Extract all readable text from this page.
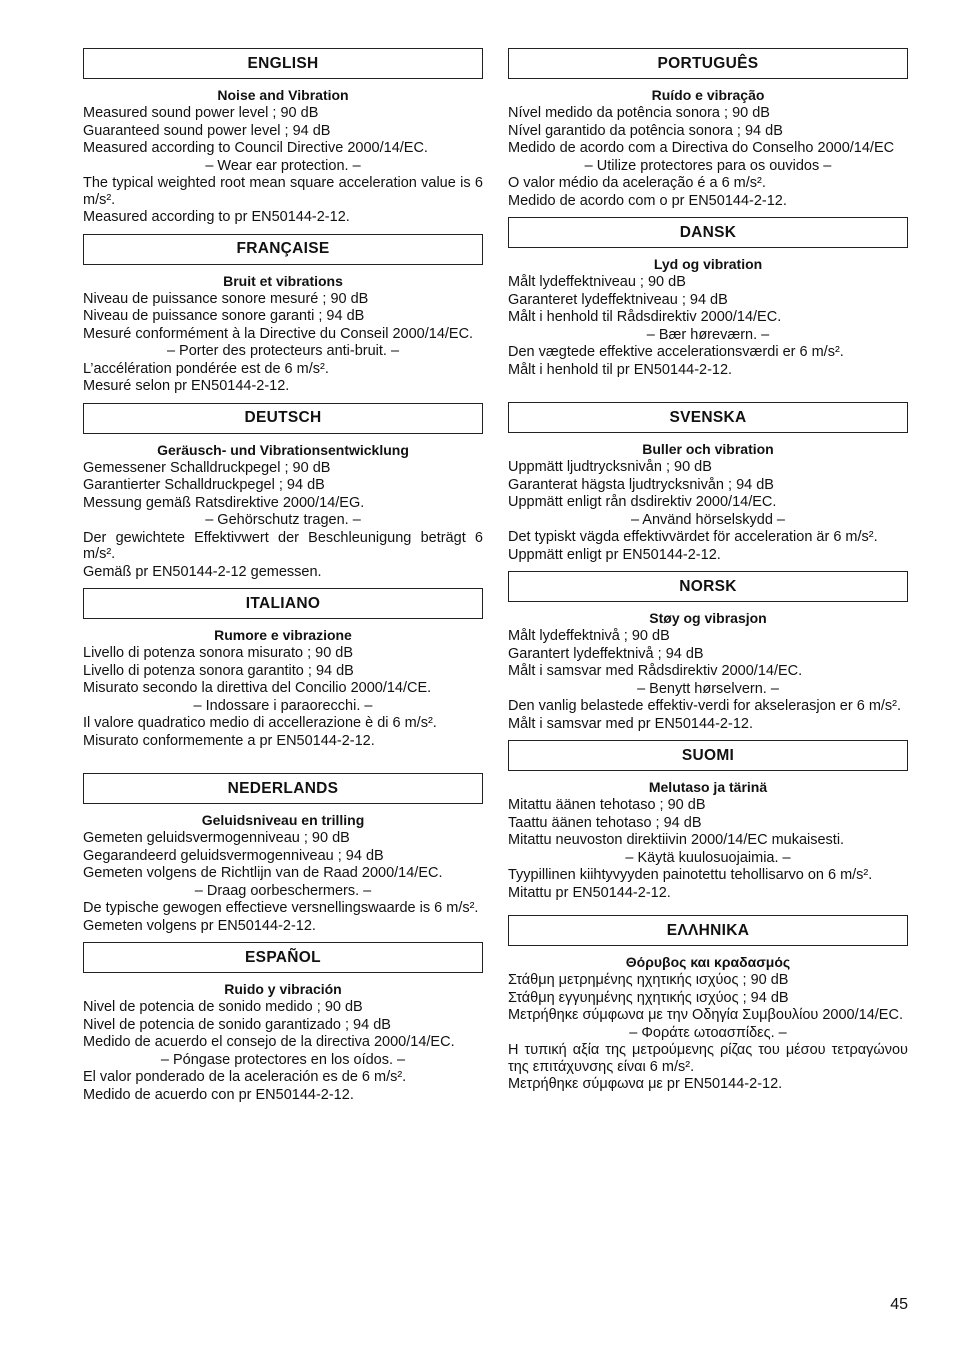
ENGLISH
Noise and Vibration
Measured sound power level ; 90 dB
Guaranteed sound power level ; 94 dB
Measured according to Council Directive 2000/14/EC.
– Wear ear protection. –
The typical weighted root mean square acceleration value is 6 m/s².
Measured according to pr EN50144-2-12.
FRANÇAISE
Bruit et vibrations
Niveau de puissance sonore mesuré ; 90 dB
Niveau de puissance sonore garanti ; 94 dB
Mesuré conformément à la Directive du Conseil 2000/14/EC.
– Porter des protecteurs anti-bruit. –
L’accélération pondérée est de 6 m/s².
Mesuré selon pr EN50144-2-12.
DEUTSCH
Geräusch- und Vibrationsentwicklung
Gemessener Schalldruckpegel ; 90 dB
Garantierter Schalldruckpegel ; 94 dB
Messung gemäß Ratsdirektive 2000/14/EG.
– Gehörschutz tragen. –
Der gewichtete Effektivwert der Beschleunigung beträgt 6 m/s².
Gemäß pr EN50144-2-12 gemessen.
ITALIANO
Rumore e vibrazione
Livello di potenza sonora misurato ; 90 dB
Livello di potenza sonora garantito ; 94 dB
Misurato secondo la direttiva del Concilio 2000/14/CE.
– Indossare i paraorecchi. –
Il valore quadratico medio di accellerazione è di 6 m/s².
Misurato conformemente a pr EN50144-2-12.
NEDERLANDS
Geluidsniveau en trilling
Gemeten geluidsvermogenniveau ; 90 dB
Gegarandeerd geluidsvermogenniveau ; 94 dB
Gemeten volgens de Richtlijn van de Raad 2000/14/EC.
– Draag oorbeschermers. –
De typische gewogen effectieve versnellingswaarde is 6 m/s².
Gemeten volgens pr EN50144-2-12.
ESPAÑOL
Ruido y vibración
Nivel de potencia de sonido medido ; 90 dB
Nivel de potencia de sonido garantizado ; 94 dB
Medido de acuerdo el consejo de la directiva 2000/14/EC.
– Póngase protectores en los oídos. –
El valor ponderado de la aceleración es de 6 m/s².
Medido de acuerdo con pr EN50144-2-12.
PORTUGUÊS
Ruído e vibração
Nível medido da potência sonora ; 90 dB
Nível garantido da potência sonora ; 94 dB
Medido de acordo com a Directiva do Conselho 2000/14/EC
– Utilize protectores para os ouvidos –
O valor médio da aceleração é a 6 m/s².
Medido de acordo com o pr EN50144-2-12.
DANSK
Lyd og vibration
Målt lydeffektniveau ; 90 dB
Garanteret lydeffektniveau ; 94 dB
Målt i henhold til Rådsdirektiv 2000/14/EC.
– Bær høreværn. –
Den vægtede effektive accelerationsværdi er 6 m/s².
Målt i henhold til pr EN50144-2-12.
SVENSKA
Buller och vibration
Uppmätt ljudtrycksnivån ; 90 dB
Garanterat hägsta ljudtrycksnivån ; 94 dB
Uppmätt enligt rån dsdirektiv 2000/14/EC.
– Använd hörselskydd –
Det typiskt vägda effektivvärdet för acceleration är 6 m/s².
Uppmätt enligt pr EN50144-2-12.
NORSK
Støy og vibrasjon
Målt lydeffektnivå ; 90 dB
Garantert lydeffektnivå ; 94 dB
Målt i samsvar med Rådsdirektiv 2000/14/EC.
– Benytt hørselvern. –
Den vanlig belastede effektiv-verdi for akselerasjon er 6 m/s².
Målt i samsvar med pr EN50144-2-12.
SUOMI
Melutaso ja tärinä
Mitattu äänen tehotaso ; 90 dB
Taattu äänen tehotaso ; 94 dB
Mitattu neuvoston direktiivin 2000/14/EC mukaisesti.
– Käytä kuulosuojaimia. –
Tyypillinen kiihtyvyyden painotettu tehollisarvo on 6 m/s².
Mitattu pr EN50144-2-12.
ΕΛΛΗΝΙΚΑ
Θόρυβος και κραδασμός
Στάθμη μετρημένης ηχητικής ισχύος ; 90 dB
Στάθμη εγγυημένης ηχητικής ισχύος ; 94 dB
Μετρήθηκε σύμφωνα με την Οδηγία Συμβουλίου 2000/14/EC.
– Φοράτε ωτοασπίδες. –
Η τυπική αξία της μετρούμενης ρίζας του μέσου τετραγώνου της επιτάχυνσης είναι 6 m/s².
Μετρήθηκε σύμφωνα με pr EN50144-2-12.
45
